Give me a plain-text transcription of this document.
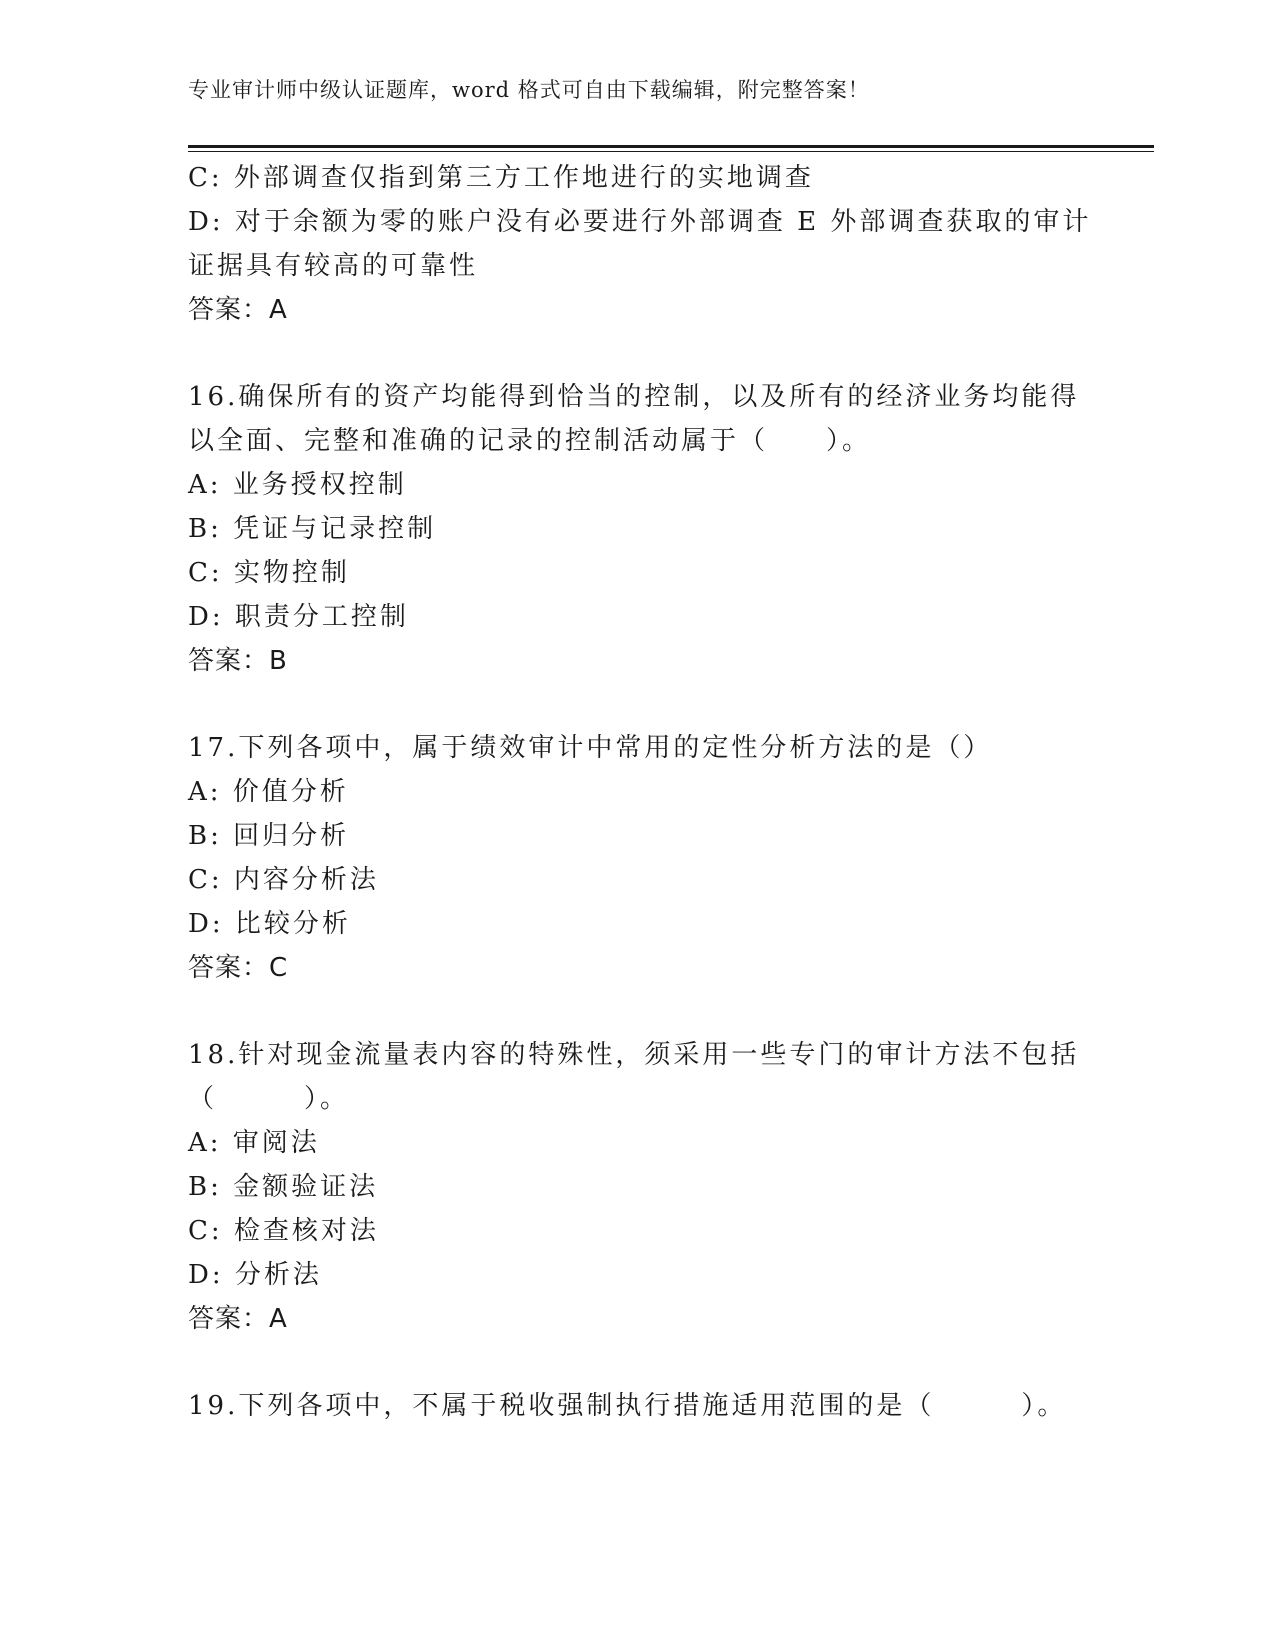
专业审计师中级认证题库，word 格式可自由下载编辑，附完整答案！
C: 外部调查仅指到第三方工作地进行的实地调查
D: 对于余额为零的账户没有必要进行外部调查 E 外部调查获取的审计
证据具有较高的可靠性
答案：A
16.确保所有的资产均能得到恰当的控制，以及所有的经济业务均能得
以全面、完整和准确的记录的控制活动属于（　　）。
A: 业务授权控制
B: 凭证与记录控制
C: 实物控制
D: 职责分工控制
答案：B
17.下列各项中，属于绩效审计中常用的定性分析方法的是（）
A: 价值分析
B: 回归分析
C: 内容分析法
D: 比较分析
答案：C
18.针对现金流量表内容的特殊性，须采用一些专门的审计方法不包括
（　　　）。
A: 审阅法
B: 金额验证法
C: 检查核对法
D: 分析法
答案：A
19.下列各项中，不属于税收强制执行措施适用范围的是（　　　）。
